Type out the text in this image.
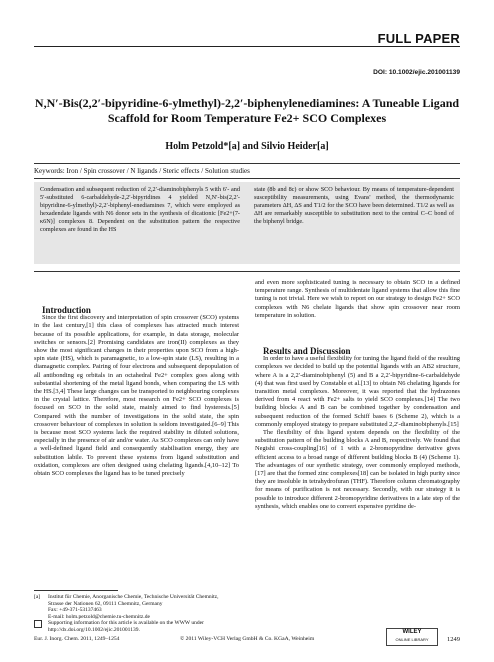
FULL PAPER
DOI: 10.1002/ejic.201001139
N,N′-Bis(2,2′-bipyridine-6-ylmethyl)-2,2′-biphenylenediamines: A Tuneable Ligand Scaffold for Room Temperature Fe2+ SCO Complexes
Holm Petzold*[a] and Silvio Heider[a]
Keywords: Iron / Spin crossover / N ligands / Steric effects / Solution studies
Condensation and subsequent reduction of 2,2′-diaminobiphenyls 5 with 6′- and 5′-substituted 6-carbaldehyde-2,2′-bipyridines 4 yielded N,N′-bis(2,2′-bipyridine-6-ylmethyl)-2,2′-biphenyl-enediamines 7, which were employed as hexadendate ligands with N6 donor sets in the synthesis of dicationic [Fe2+(7-κ6N)] complexes 8. Dependent on the substitution pattern the respective complexes are found in the HS
state (8b and 8c) or show SCO behaviour. By means of temperature-dependent susceptibility measurements, using Evans' method, the thermodynamic parameters ΔH, ΔS and T1/2 for the SCO have been determined. T1/2 as well as ΔH are remarkably susceptible to substitution next to the central C–C bond of the biphenyl bridge.

Introduction

Since the first discovery and interpretation of spin crossover (SCO) systems in the last century,[1] this class of complexes has attracted much interest because of its possible applications, for example, in data storage, molecular switches or sensors.[2] Promising candidates are iron(II) complexes as they show the most significant changes in their properties upon SCO from a high-spin state (HS), which is paramagnetic, to a low-spin state (LS), resulting in a diamagnetic complex. Pairing of four electrons and subsequent depopulation of all antibonding eg orbitals in an octahedral Fe2+ complex goes along with substantial shortening of the metal ligand bonds, when comparing the LS with the HS.[3,4] These large changes can be transported to neighbouring complexes in the crystal lattice. Therefore, most research on Fe2+ SCO complexes is focused on SCO in the solid state, mainly aimed to find hysteresis.[5] Compared with the number of investigations in the solid state, the spin crossover behaviour of complexes in solution is seldom investigated.[6–9] This is because most SCO systems lack the required stability in diluted solutions, especially in the presence of air and/or water. As SCO complexes can only have a well-defined ligand field and consequently stabilisation energy, they are substitution labile. To prevent these systems from ligand substitution and oxidation, complexes are often designed using chelating ligands.[4,10–12] To obtain SCO complexes the ligand has to be tuned precisely

and even more sophisticated tuning is necessary to obtain SCO in a defined temperature range. Synthesis of multidentate ligand systems that allow this fine tuning is not trivial. Here we wish to report on our strategy to design Fe2+ SCO complexes with N6 chelate ligands that show spin crossover near room temperature in solution.

Results and Discussion

In order to have a useful flexibility for tuning the ligand field of the resulting complexes we decided to build up the potential ligands with an AB2 structure, where A is a 2,2′-diaminobiphenyl (5) and B a 2,2′-bipyridine-6-carbaldehyde (4) that was first used by Constable et al.[13] to obtain N6 chelating ligands for transition metal complexes. Moreover, it was reported that the hydrazones derived from 4 react with Fe2+ salts to yield SCO complexes.[14] The two building blocks A and B can be combined together by condensation and subsequent reduction of the formed Schiff bases 6 (Scheme 2), which is a commonly employed strategy to prepare substituted 2,2′-diaminobiphenyls.[15]

The flexibility of this ligand system depends on the flexibility of the substitution pattern of the building blocks A and B, respectively. We found that Negishi cross-coupling[16] of 1 with a 2-bromopyridine derivative gives efficient access to a broad range of different building blocks B (4) (Scheme 1). The advantages of our synthetic strategy, over commonly employed methods,[17] are that the formed zinc complexes[18] can be isolated in high purity since they are insoluble in tetrahydrofuran (THF). Therefore column chromatography for means of purification is not necessary. Secondly, with our strategy it is possible to introduce different 2-bromopyridine derivatives in a late step of the synthesis, which enables one to convert expensive pyridine de-

[a]	Institut für Chemie, Anorganische Chemie, Technische Universität Chemnitz,
Strasse der Nationen 62, 09111 Chemnitz, Germany
Fax: +49-371-53137463
E-mail: holm.petzold@chemie.tu-chemnitz.de
Supporting information for this article is available on the WWW under http://dx.doi.org/10.1002/ejic.201001139.
Eur. J. Inorg. Chem. 2011, 1249–1254	© 2011 Wiley-VCH Verlag GmbH & Co. KGaA, Weinheim
WILEY
ONLINE LIBRARY	1249
